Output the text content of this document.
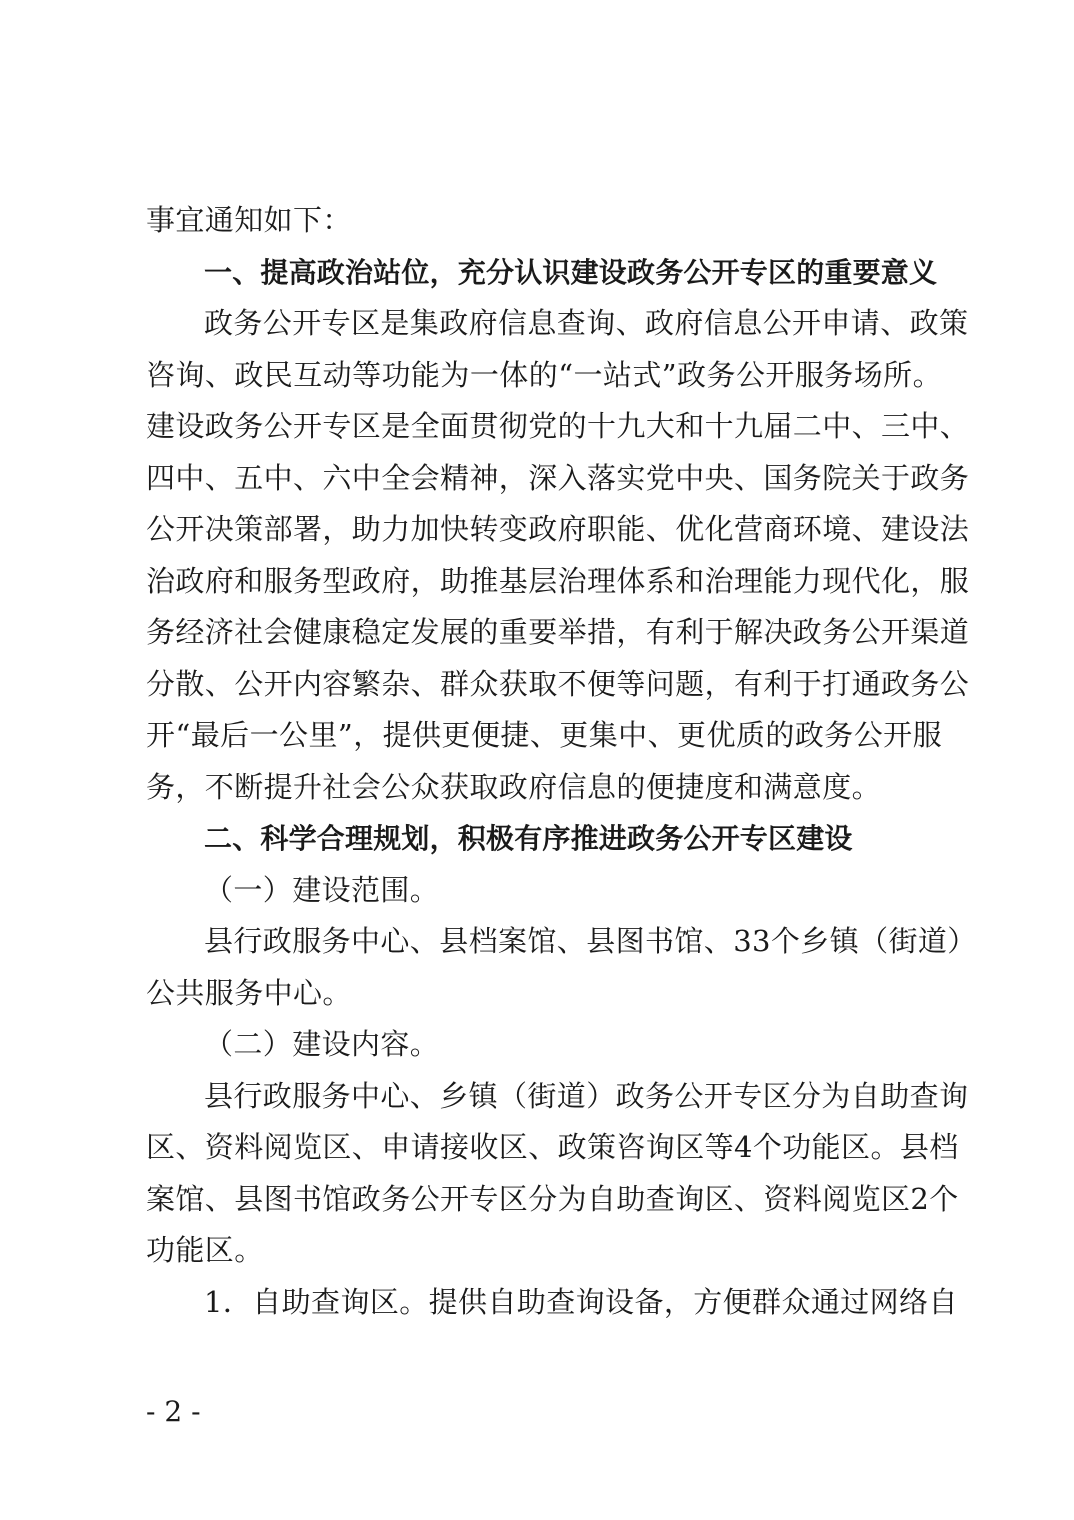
事宜通知如下：
一、提高政治站位，充分认识建设政务公开专区的重要意义
政务公开专区是集政府信息查询、政府信息公开申请、政策
咨询、政民互动等功能为一体的“一站式”政务公开服务场所。
建设政务公开专区是全面贯彻党的十九大和十九届二中、三中、
四中、五中、六中全会精神，深入落实党中央、国务院关于政务
公开决策部署，助力加快转变政府职能、优化营商环境、建设法
治政府和服务型政府，助推基层治理体系和治理能力现代化，服
务经济社会健康稳定发展的重要举措，有利于解决政务公开渠道
分散、公开内容繁杂、群众获取不便等问题，有利于打通政务公
开“最后一公里”，提供更便捷、更集中、更优质的政务公开服
务，不断提升社会公众获取政府信息的便捷度和满意度。
二、科学合理规划，积极有序推进政务公开专区建设
（一）建设范围。
县行政服务中心、县档案馆、县图书馆、33个乡镇（街道）
公共服务中心。
（二）建设内容。
县行政服务中心、乡镇（街道）政务公开专区分为自助查询
区、资料阅览区、申请接收区、政策咨询区等4个功能区。县档
案馆、县图书馆政务公开专区分为自助查询区、资料阅览区2个
功能区。
1．自助查询区。提供自助查询设备，方便群众通过网络自
- 2 -
